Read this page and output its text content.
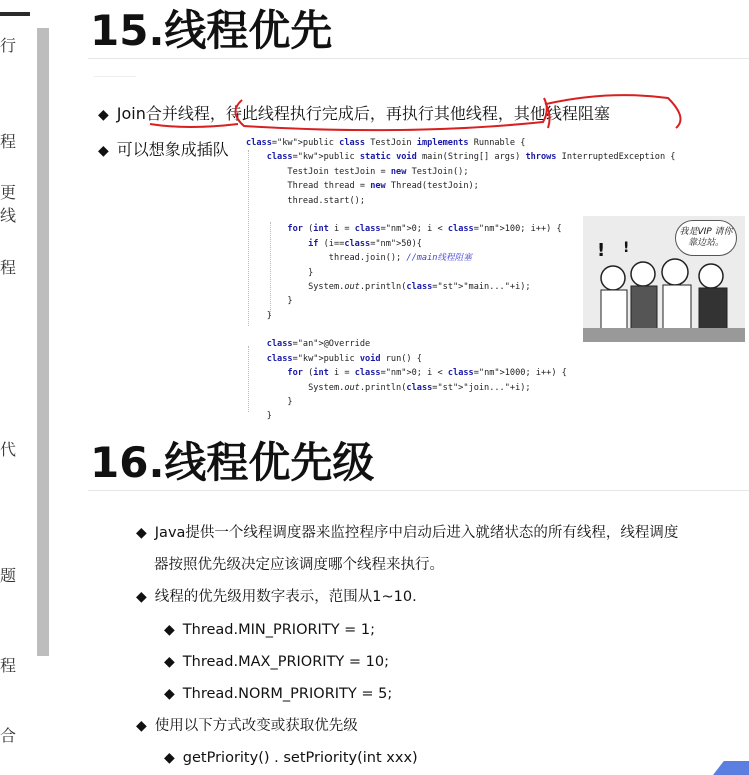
行
程
更
线
程
代
题
程
合
15.线程优先
◆ Join合并线程，待此线程执行完成后，再执行其他线程，其他线程阻塞
◆ 可以想象成插队 class="kw">public class TestJoin implements Runnable {
class="kw">public static void main(String[] args) throws InterruptedException {
TestJoin testJoin = new TestJoin();
Thread thread = new Thread(testJoin);
thread.start();
for (int i = class="nm">0; i < class="nm">100; i++) {
if (i==class="nm">50){
thread.join(); //main线程阻塞
}
System.out.println(class="st">"main..."+i);
}
}
class="an">@Override
class="kw">public void run() {
for (int i = class="nm">0; i < class="nm">1000; i++) {
System.out.println(class="st">"join..."+i);
}
}
! !
我是VIP 请你靠边站。
16.线程优先级
◆ Java提供一个线程调度器来监控程序中启动后进入就绪状态的所有线程，线程调度
器按照优先级决定应该调度哪个线程来执行。
◆ 线程的优先级用数字表示，范围从1~10.
◆ Thread.MIN_PRIORITY = 1;
◆ Thread.MAX_PRIORITY = 10;
◆ Thread.NORM_PRIORITY = 5;
◆ 使用以下方式改变或获取优先级
◆ getPriority() . setPriority(int xxx)
